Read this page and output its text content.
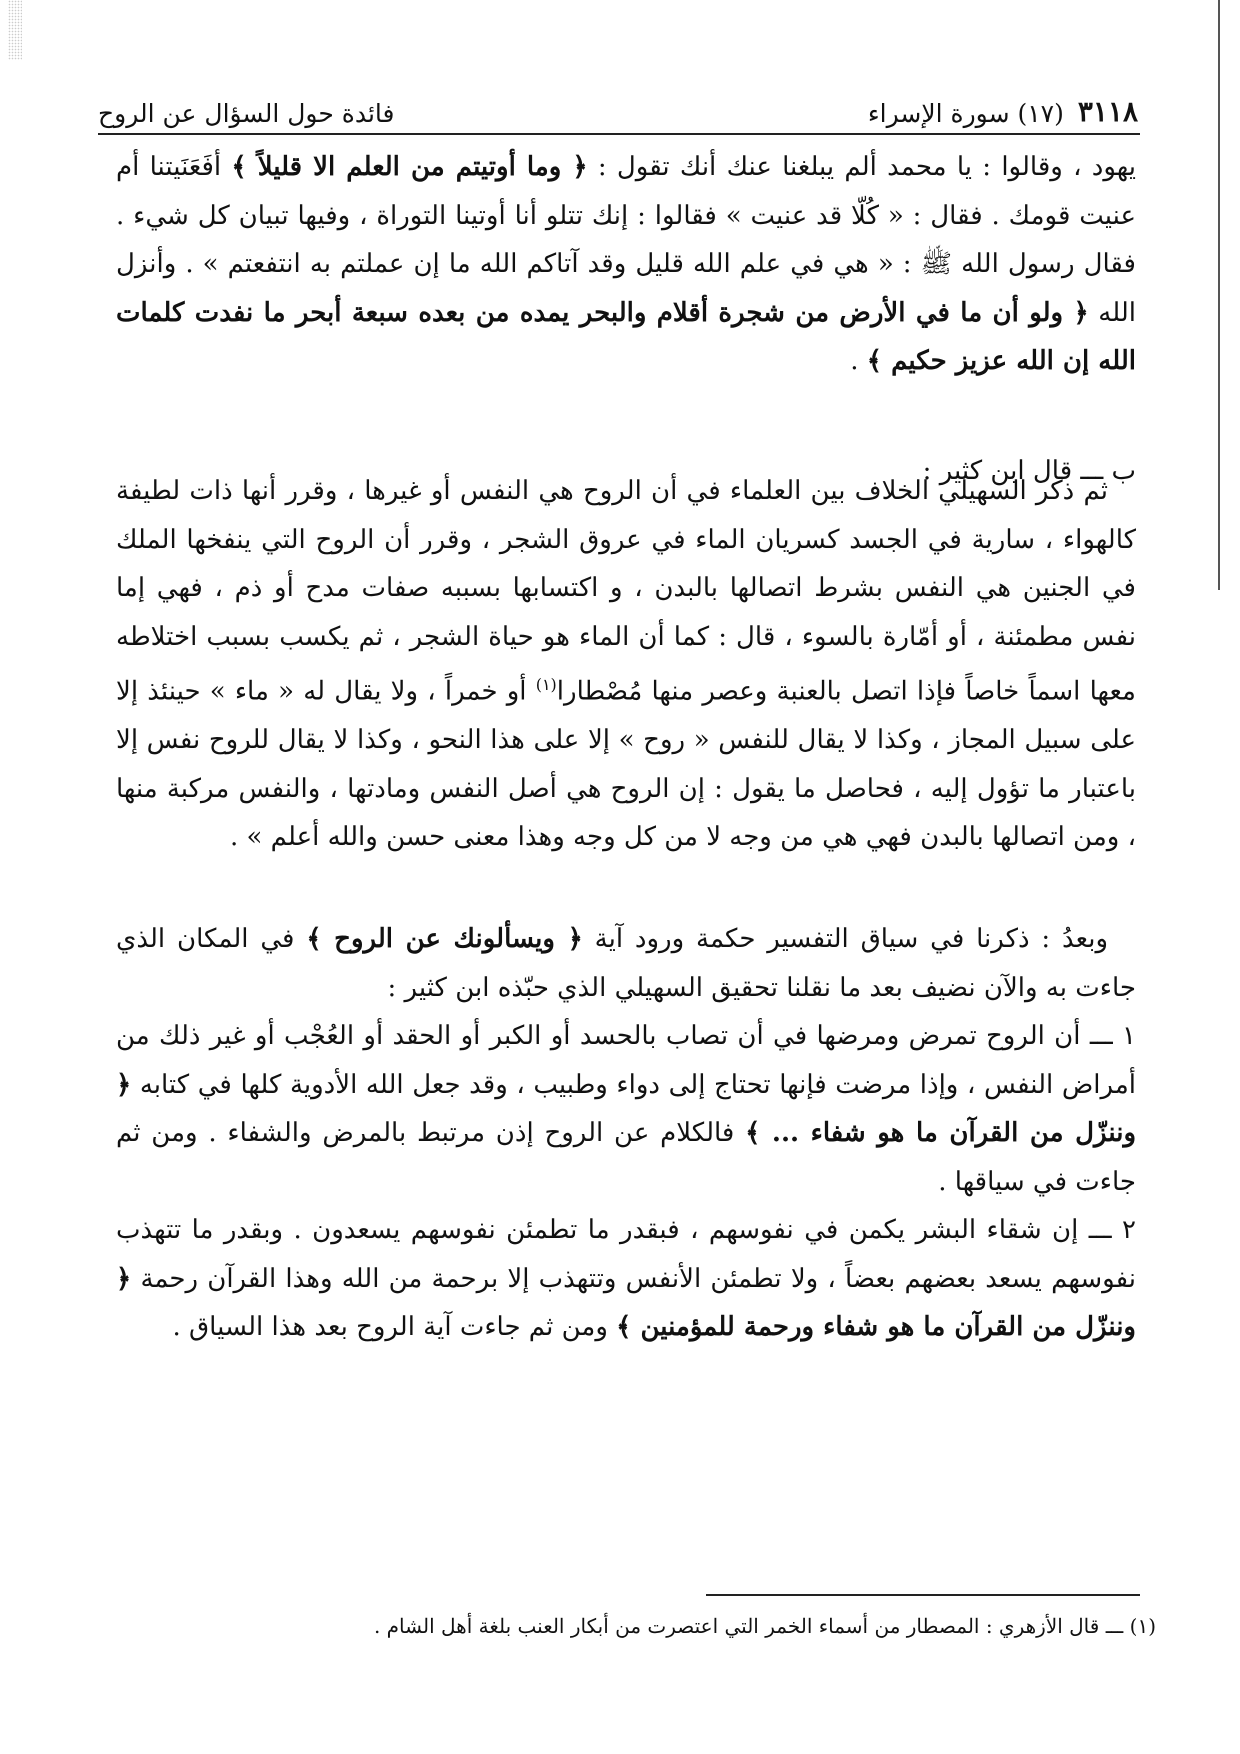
فائدة حول السؤال عن الروح	٣١١٨
(١٧) سورة الإسراء

يهود ، وقالوا : يا محمد ألم يبلغنا عنك أنك تقول : ﴿ وما أوتيتم من العلم الا قليلاً ﴾ أفَعَنَيتنا أم عنيت قومك . فقال : « كُلّا قد عنيت » فقالوا : إنك تتلو أنا أوتينا التوراة ، وفيها تبيان كل شيء . فقال رسول الله ﷺ : « هي في علم الله قليل وقد آتاكم الله ما إن عملتم به انتفعتم » . وأنزل الله ﴿ ولو أن ما في الأرض من شجرة أقلام والبحر يمده من بعده سبعة أبحر ما نفدت كلمات الله إن الله عزيز حكيم ﴾ .

ب ـــ قال ابن كثير :

ثم ذكر السهيلي الخلاف بين العلماء في أن الروح هي النفس أو غيرها ، وقرر أنها ذات لطيفة كالهواء ، سارية في الجسد كسريان الماء في عروق الشجر ، وقرر أن الروح التي ينفخها الملك في الجنين هي النفس بشرط اتصالها بالبدن ، و اكتسابها بسببه صفات مدح أو ذم ، فهي إما نفس مطمئنة ، أو أمّارة بالسوء ، قال : كما أن الماء هو حياة الشجر ، ثم يكسب بسبب اختلاطه معها اسماً خاصاً فإذا اتصل بالعنبة وعصر منها مُصْطارا$^{(١)}$ أو خمراً ، ولا يقال له « ماء » حينئذ إلا على سبيل المجاز ، وكذا لا يقال للنفس « روح » إلا على هذا النحو ، وكذا لا يقال للروح نفس إلا باعتبار ما تؤول إليه ، فحاصل ما يقول : إن الروح هي أصل النفس ومادتها ، والنفس مركبة منها ، ومن اتصالها بالبدن فهي هي من وجه لا من كل وجه وهذا معنى حسن والله أعلم » .

وبعدُ : ذكرنا في سياق التفسير حكمة ورود آية ﴿ ويسألونك عن الروح ﴾ في المكان الذي جاءت به والآن نضيف بعد ما نقلنا تحقيق السهيلي الذي حبّذه ابن كثير :

١ ـــ أن الروح تمرض ومرضها في أن تصاب بالحسد أو الكبر أو الحقد أو العُجْب أو غير ذلك من أمراض النفس ، وإذا مرضت فإنها تحتاج إلى دواء وطبيب ، وقد جعل الله الأدوية كلها في كتابه ﴿ وننزّل من القرآن ما هو شفاء ... ﴾ فالكلام عن الروح إذن مرتبط بالمرض والشفاء . ومن ثم جاءت في سياقها .

٢ ـــ إن شقاء البشر يكمن في نفوسهم ، فبقدر ما تطمئن نفوسهم يسعدون . وبقدر ما تتهذب نفوسهم يسعد بعضهم بعضاً ، ولا تطمئن الأنفس وتتهذب إلا برحمة من الله وهذا القرآن رحمة ﴿ وننزّل من القرآن ما هو شفاء ورحمة للمؤمنين ﴾ ومن ثم جاءت آية الروح بعد هذا السياق .

(١) ـــ قال الأزهري : المصطار من أسماء الخمر التي اعتصرت من أبكار العنب بلغة أهل الشام .
